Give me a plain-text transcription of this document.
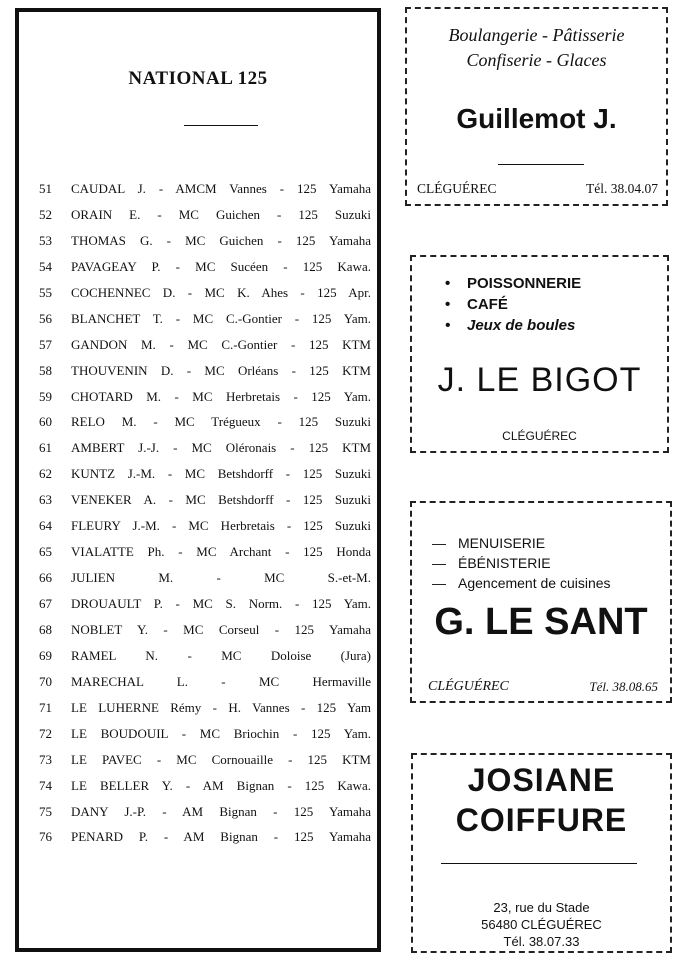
NATIONAL 125
51	CAUDAL J. - AMCM Vannes - 125 Yamaha
52	ORAIN E. - MC Guichen - 125 Suzuki
53	THOMAS G. - MC Guichen - 125 Yamaha
54	PAVAGEAY P. - MC Sucéen - 125 Kawa.
55	COCHENNEC D. - MC K. Ahes - 125 Apr.
56	BLANCHET T. - MC C.-Gontier - 125 Yam.
57	GANDON M. - MC C.-Gontier - 125 KTM
58	THOUVENIN D. - MC Orléans - 125 KTM
59	CHOTARD M. - MC Herbretais - 125 Yam.
60	RELO M. - MC Trégueux - 125 Suzuki
61	AMBERT J.-J. - MC Oléronais - 125 KTM
62	KUNTZ J.-M. - MC Betshdorff - 125 Suzuki
63	VENEKER A. - MC Betshdorff - 125 Suzuki
64	FLEURY J.-M. - MC Herbretais - 125 Suzuki
65	VIALATTE Ph. - MC Archant - 125 Honda
66	JULIEN M. - MC S.-et-M.
67	DROUAULT P. - MC S. Norm. - 125 Yam.
68	NOBLET Y. - MC Corseul - 125 Yamaha
69	RAMEL N. - MC Doloise (Jura)
70	MARECHAL L. - MC Hermaville
71	LE LUHERNE Rémy - H. Vannes - 125 Yam
72	LE BOUDOUIL - MC Briochin - 125 Yam.
73	LE PAVEC - MC Cornouaille - 125 KTM
74	LE BELLER Y. - AM Bignan - 125 Kawa.
75	DANY J.-P. - AM Bignan - 125 Yamaha
76	PENARD P. - AM Bignan - 125 Yamaha
Boulangerie - Pâtisserie
Confiserie - Glaces
Guillemot J.
CLÉGUÉREC	Tél. 38.04.07
• POISSONNERIE
• CAFÉ
• Jeux de boules
J. LE BIGOT
CLÉGUÉREC
— MENUISERIE
— ÉBÉNISTERIE
— Agencement de cuisines
G. LE SANT
CLÉGUÉREC	Tél. 38.08.65
JOSIANE
COIFFURE
23, rue du Stade
56480 CLÉGUÉREC
Tél. 38.07.33
